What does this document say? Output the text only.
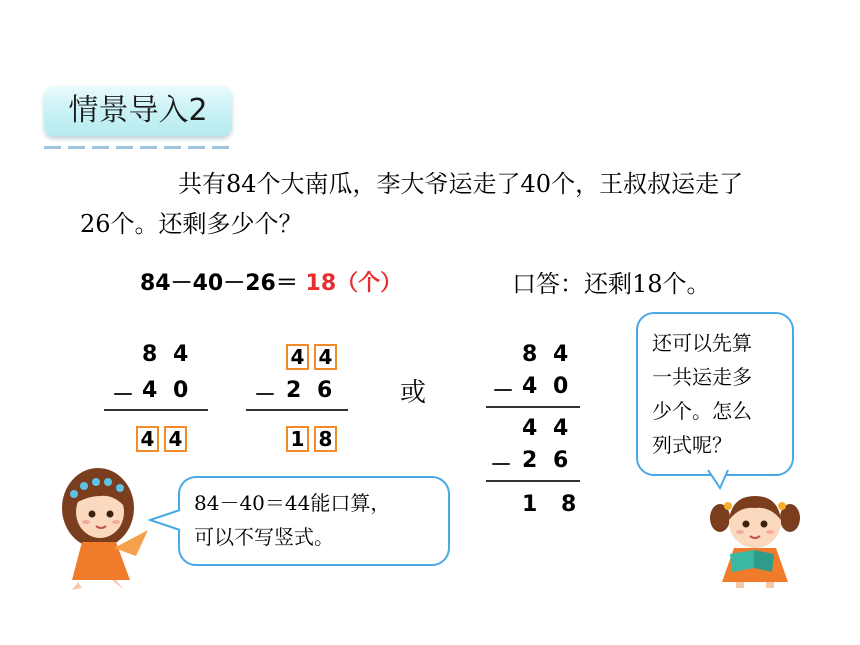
情景导入2

共有84个大南瓜，李大爷运走了40个，王叔叔运走了

26个。还剩多少个？

84－40－26＝ 18（个）	口答：还剩18个。
8 4
－ 4 0
4 4
4 4
－ 2 6
1 8
或
8 4
－ 4 0
4 4
－ 2 6
1 8
84－40＝44能口算，
可以不写竖式。
还可以先算
一共运走多
少个。怎么
列式呢？
